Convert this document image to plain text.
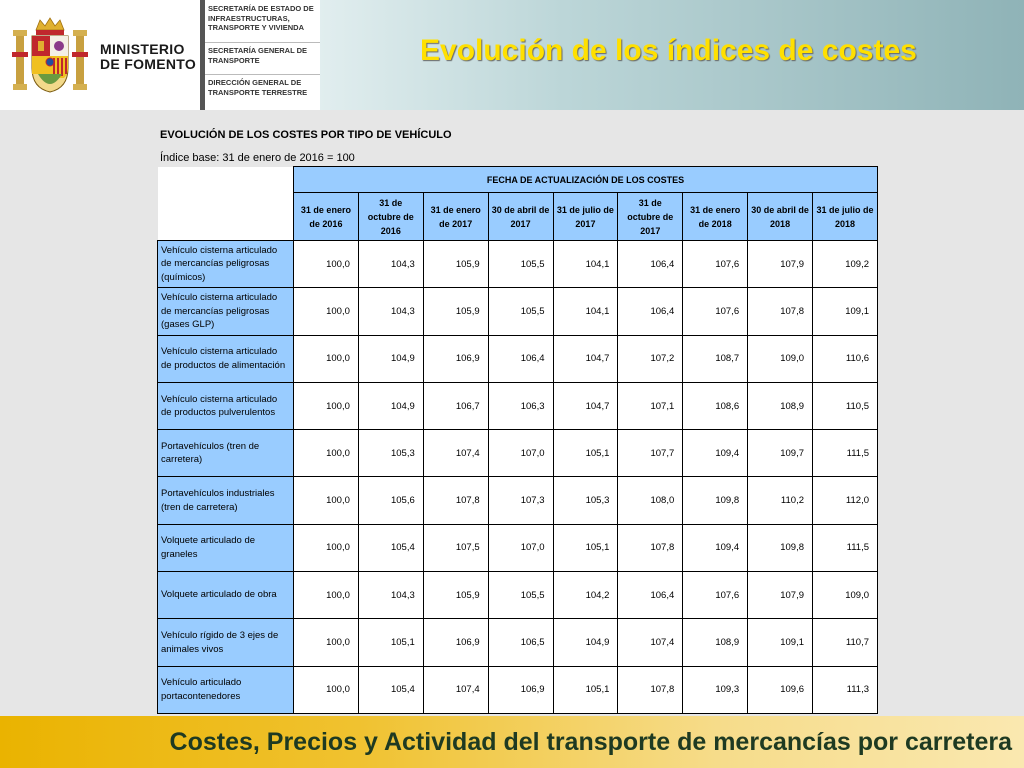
MINISTERIO
DE FOMENTO
SECRETARÍA DE ESTADO DE INFRAESTRUCTURAS, TRANSPORTE Y VIVIENDA
SECRETARÍA GENERAL DE TRANSPORTE
DIRECCIÓN GENERAL DE TRANSPORTE TERRESTRE
Evolución de los índices de costes
EVOLUCIÓN DE LOS COSTES POR TIPO DE VEHÍCULO
Índice base: 31 de enero de 2016 = 100
	FECHA DE ACTUALIZACIÓN DE LOS COSTES								
	31 de enero de 2016	31 de octubre de 2016	31 de enero de 2017	30 de abril de 2017	31 de julio de 2017	31 de octubre de 2017	31 de enero de 2018	30 de abril de 2018	31 de julio de 2018
Vehículo cisterna articulado de mercancías peligrosas (químicos)	100,0	104,3	105,9	105,5	104,1	106,4	107,6	107,9	109,2
Vehículo cisterna articulado de mercancías peligrosas (gases GLP)	100,0	104,3	105,9	105,5	104,1	106,4	107,6	107,8	109,1
Vehículo cisterna articulado de productos de alimentación	100,0	104,9	106,9	106,4	104,7	107,2	108,7	109,0	110,6
Vehículo cisterna articulado de productos pulverulentos	100,0	104,9	106,7	106,3	104,7	107,1	108,6	108,9	110,5
Portavehículos (tren de carretera)	100,0	105,3	107,4	107,0	105,1	107,7	109,4	109,7	111,5
Portavehículos industriales (tren de carretera)	100,0	105,6	107,8	107,3	105,3	108,0	109,8	110,2	112,0
Volquete articulado de graneles	100,0	105,4	107,5	107,0	105,1	107,8	109,4	109,8	111,5
Volquete articulado de obra	100,0	104,3	105,9	105,5	104,2	106,4	107,6	107,9	109,0
Vehículo rígido de 3 ejes de animales vivos	100,0	105,1	106,9	106,5	104,9	107,4	108,9	109,1	110,7
Vehículo articulado portacontenedores	100,0	105,4	107,4	106,9	105,1	107,8	109,3	109,6	111,3
Costes, Precios y Actividad del transporte de mercancías por carretera
